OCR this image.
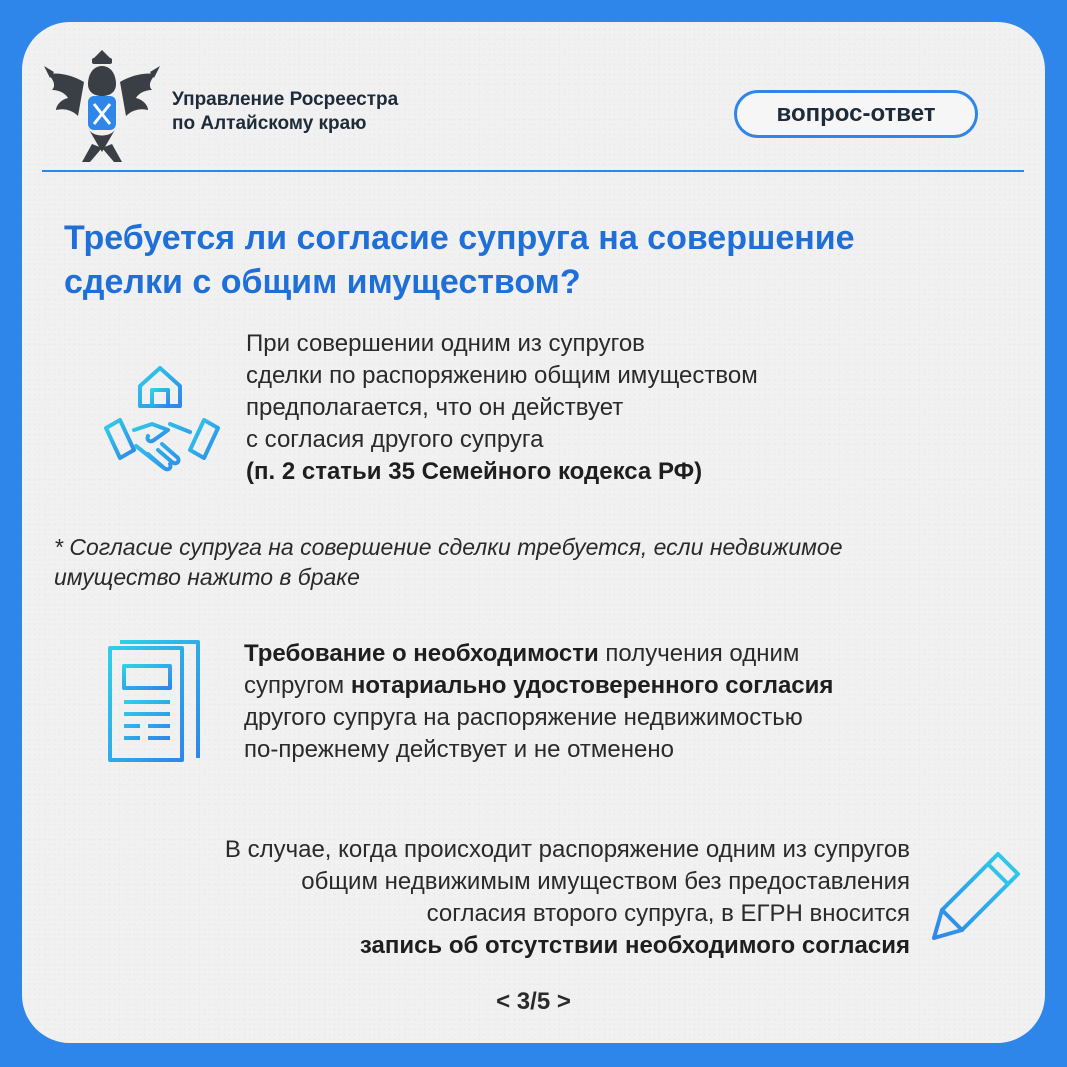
Управление Росреестра
по Алтайскому краю	вопрос-ответ
Требуется ли согласие супруга на совершение
сделки с общим имуществом?
При совершении одним из супругов
сделки по распоряжению общим имуществом
предполагается, что он действует
с согласия другого супруга
(п. 2 статьи 35 Семейного кодекса РФ)
* Согласие супруга на совершение сделки требуется, если недвижимое
имущество нажито в браке
Требование о необходимости получения одним
супругом нотариально удостоверенного согласия
другого супруга на распоряжение недвижимостью
по-прежнему действует и не отменено
В случае, когда происходит распоряжение одним из супругов
общим недвижимым имуществом без предоставления
согласия второго супруга, в ЕГРН вносится
запись об отсутствии необходимого согласия
< 3/5 >
